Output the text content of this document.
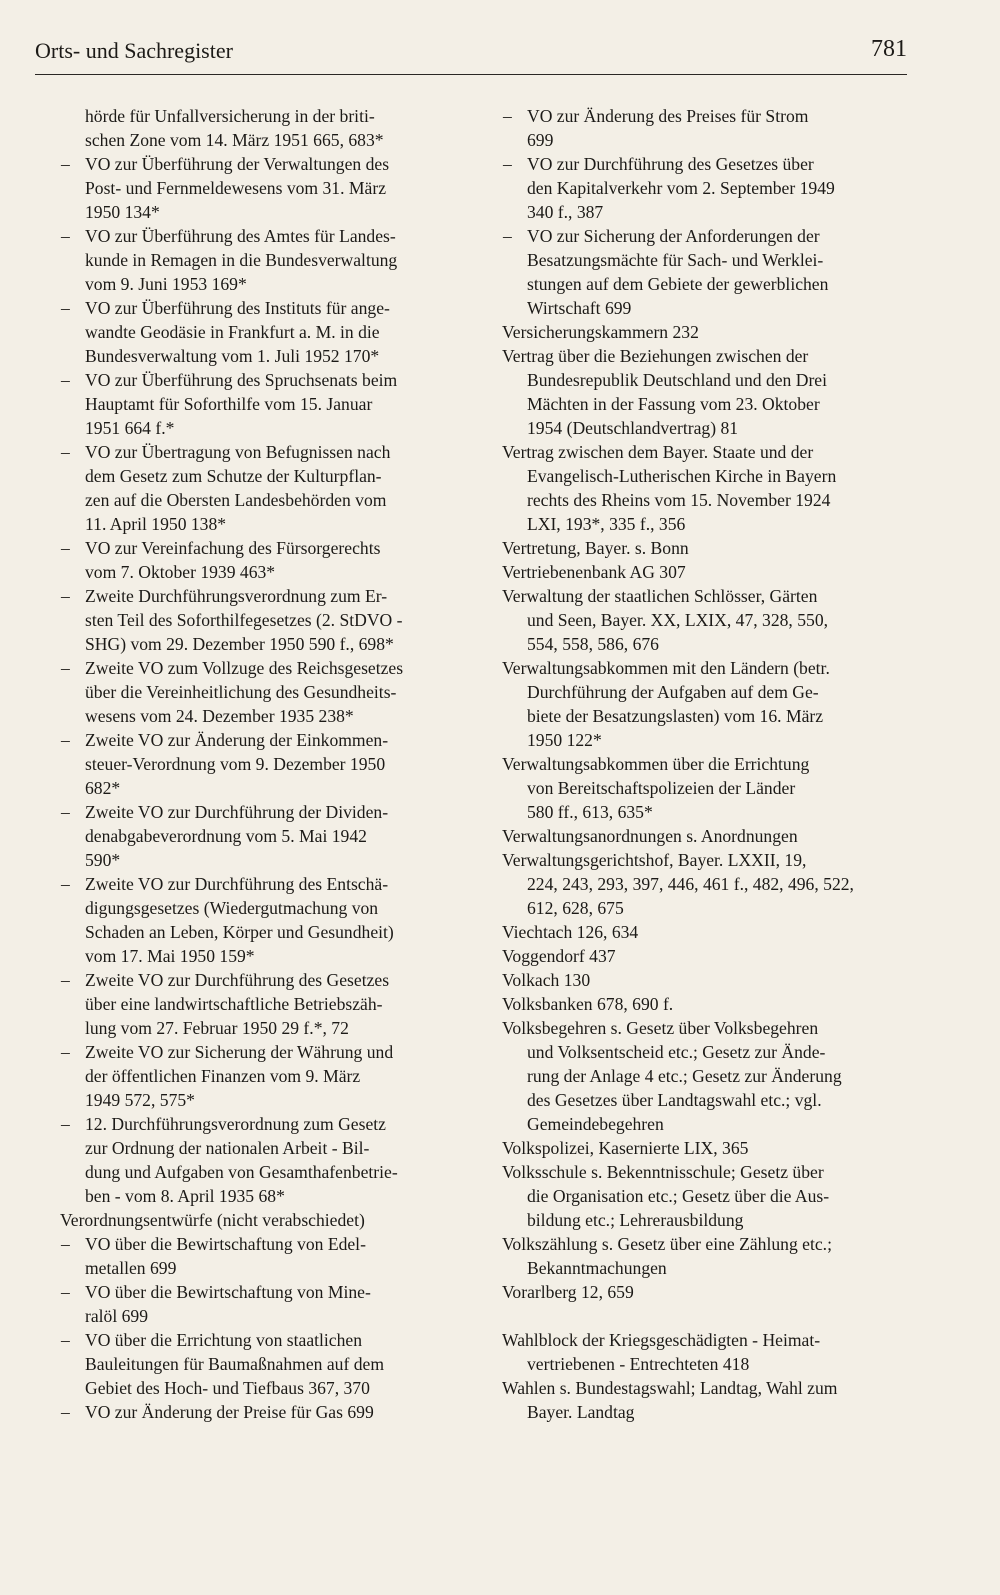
Orts- und Sachregister	781
hörde für Unfallversicherung in der briti-
schen Zone vom 14. März 1951 665, 683*
– VO zur Überführung der Verwaltungen des
Post- und Fernmeldewesens vom 31. März
1950 134*
– VO zur Überführung des Amtes für Landes-
kunde in Remagen in die Bundesverwaltung
vom 9. Juni 1953 169*
– VO zur Überführung des Instituts für ange-
wandte Geodäsie in Frankfurt a. M. in die
Bundesverwaltung vom 1. Juli 1952 170*
– VO zur Überführung des Spruchsenats beim
Hauptamt für Soforthilfe vom 15. Januar
1951 664 f.*
– VO zur Übertragung von Befugnissen nach
dem Gesetz zum Schutze der Kulturpflan-
zen auf die Obersten Landesbehörden vom
11. April 1950 138*
– VO zur Vereinfachung des Fürsorgerechts
vom 7. Oktober 1939 463*
– Zweite Durchführungsverordnung zum Er-
sten Teil des Soforthilfegesetzes (2. StDVO -
SHG) vom 29. Dezember 1950 590 f., 698*
– Zweite VO zum Vollzuge des Reichsgesetzes
über die Vereinheitlichung des Gesundheits-
wesens vom 24. Dezember 1935 238*
– Zweite VO zur Änderung der Einkommen-
steuer-Verordnung vom 9. Dezember 1950
682*
– Zweite VO zur Durchführung der Dividen-
denabgabeverordnung vom 5. Mai 1942
590*
– Zweite VO zur Durchführung des Entschä-
digungsgesetzes (Wiedergutmachung von
Schaden an Leben, Körper und Gesundheit)
vom 17. Mai 1950 159*
– Zweite VO zur Durchführung des Gesetzes
über eine landwirtschaftliche Betriebszäh-
lung vom 27. Februar 1950 29 f.*, 72
– Zweite VO zur Sicherung der Währung und
der öffentlichen Finanzen vom 9. März
1949 572, 575*
– 12. Durchführungsverordnung zum Gesetz
zur Ordnung der nationalen Arbeit - Bil-
dung und Aufgaben von Gesamthafenbetrie-
ben - vom 8. April 1935 68*
Verordnungsentwürfe (nicht verabschiedet)
– VO über die Bewirtschaftung von Edel-
metallen 699
– VO über die Bewirtschaftung von Mine-
ralöl 699
– VO über die Errichtung von staatlichen
Bauleitungen für Baumaßnahmen auf dem
Gebiet des Hoch- und Tiefbaus 367, 370
– VO zur Änderung der Preise für Gas 699
– VO zur Änderung des Preises für Strom
699
– VO zur Durchführung des Gesetzes über
den Kapitalverkehr vom 2. September 1949
340 f., 387
– VO zur Sicherung der Anforderungen der
Besatzungsmächte für Sach- und Werklei-
stungen auf dem Gebiete der gewerblichen
Wirtschaft 699
Versicherungskammern 232
Vertrag über die Beziehungen zwischen der
Bundesrepublik Deutschland und den Drei
Mächten in der Fassung vom 23. Oktober
1954 (Deutschlandvertrag) 81
Vertrag zwischen dem Bayer. Staate und der
Evangelisch-Lutherischen Kirche in Bayern
rechts des Rheins vom 15. November 1924
LXI, 193*, 335 f., 356
Vertretung, Bayer. s. Bonn
Vertriebenenbank AG 307
Verwaltung der staatlichen Schlösser, Gärten
und Seen, Bayer. XX, LXIX, 47, 328, 550,
554, 558, 586, 676
Verwaltungsabkommen mit den Ländern (betr.
Durchführung der Aufgaben auf dem Ge-
biete der Besatzungslasten) vom 16. März
1950 122*
Verwaltungsabkommen über die Errichtung
von Bereitschaftspolizeien der Länder
580 ff., 613, 635*
Verwaltungsanordnungen s. Anordnungen
Verwaltungsgerichtshof, Bayer. LXXII, 19,
224, 243, 293, 397, 446, 461 f., 482, 496, 522,
612, 628, 675
Viechtach 126, 634
Voggendorf 437
Volkach 130
Volksbanken 678, 690 f.
Volksbegehren s. Gesetz über Volksbegehren
und Volksentscheid etc.; Gesetz zur Ände-
rung der Anlage 4 etc.; Gesetz zur Änderung
des Gesetzes über Landtagswahl etc.; vgl.
Gemeindebegehren
Volkspolizei, Kasernierte LIX, 365
Volksschule s. Bekenntnisschule; Gesetz über
die Organisation etc.; Gesetz über die Aus-
bildung etc.; Lehrerausbildung
Volkszählung s. Gesetz über eine Zählung etc.;
Bekanntmachungen
Vorarlberg 12, 659
Wahlblock der Kriegsgeschädigten - Heimat-
vertriebenen - Entrechteten 418
Wahlen s. Bundestagswahl; Landtag, Wahl zum
Bayer. Landtag
